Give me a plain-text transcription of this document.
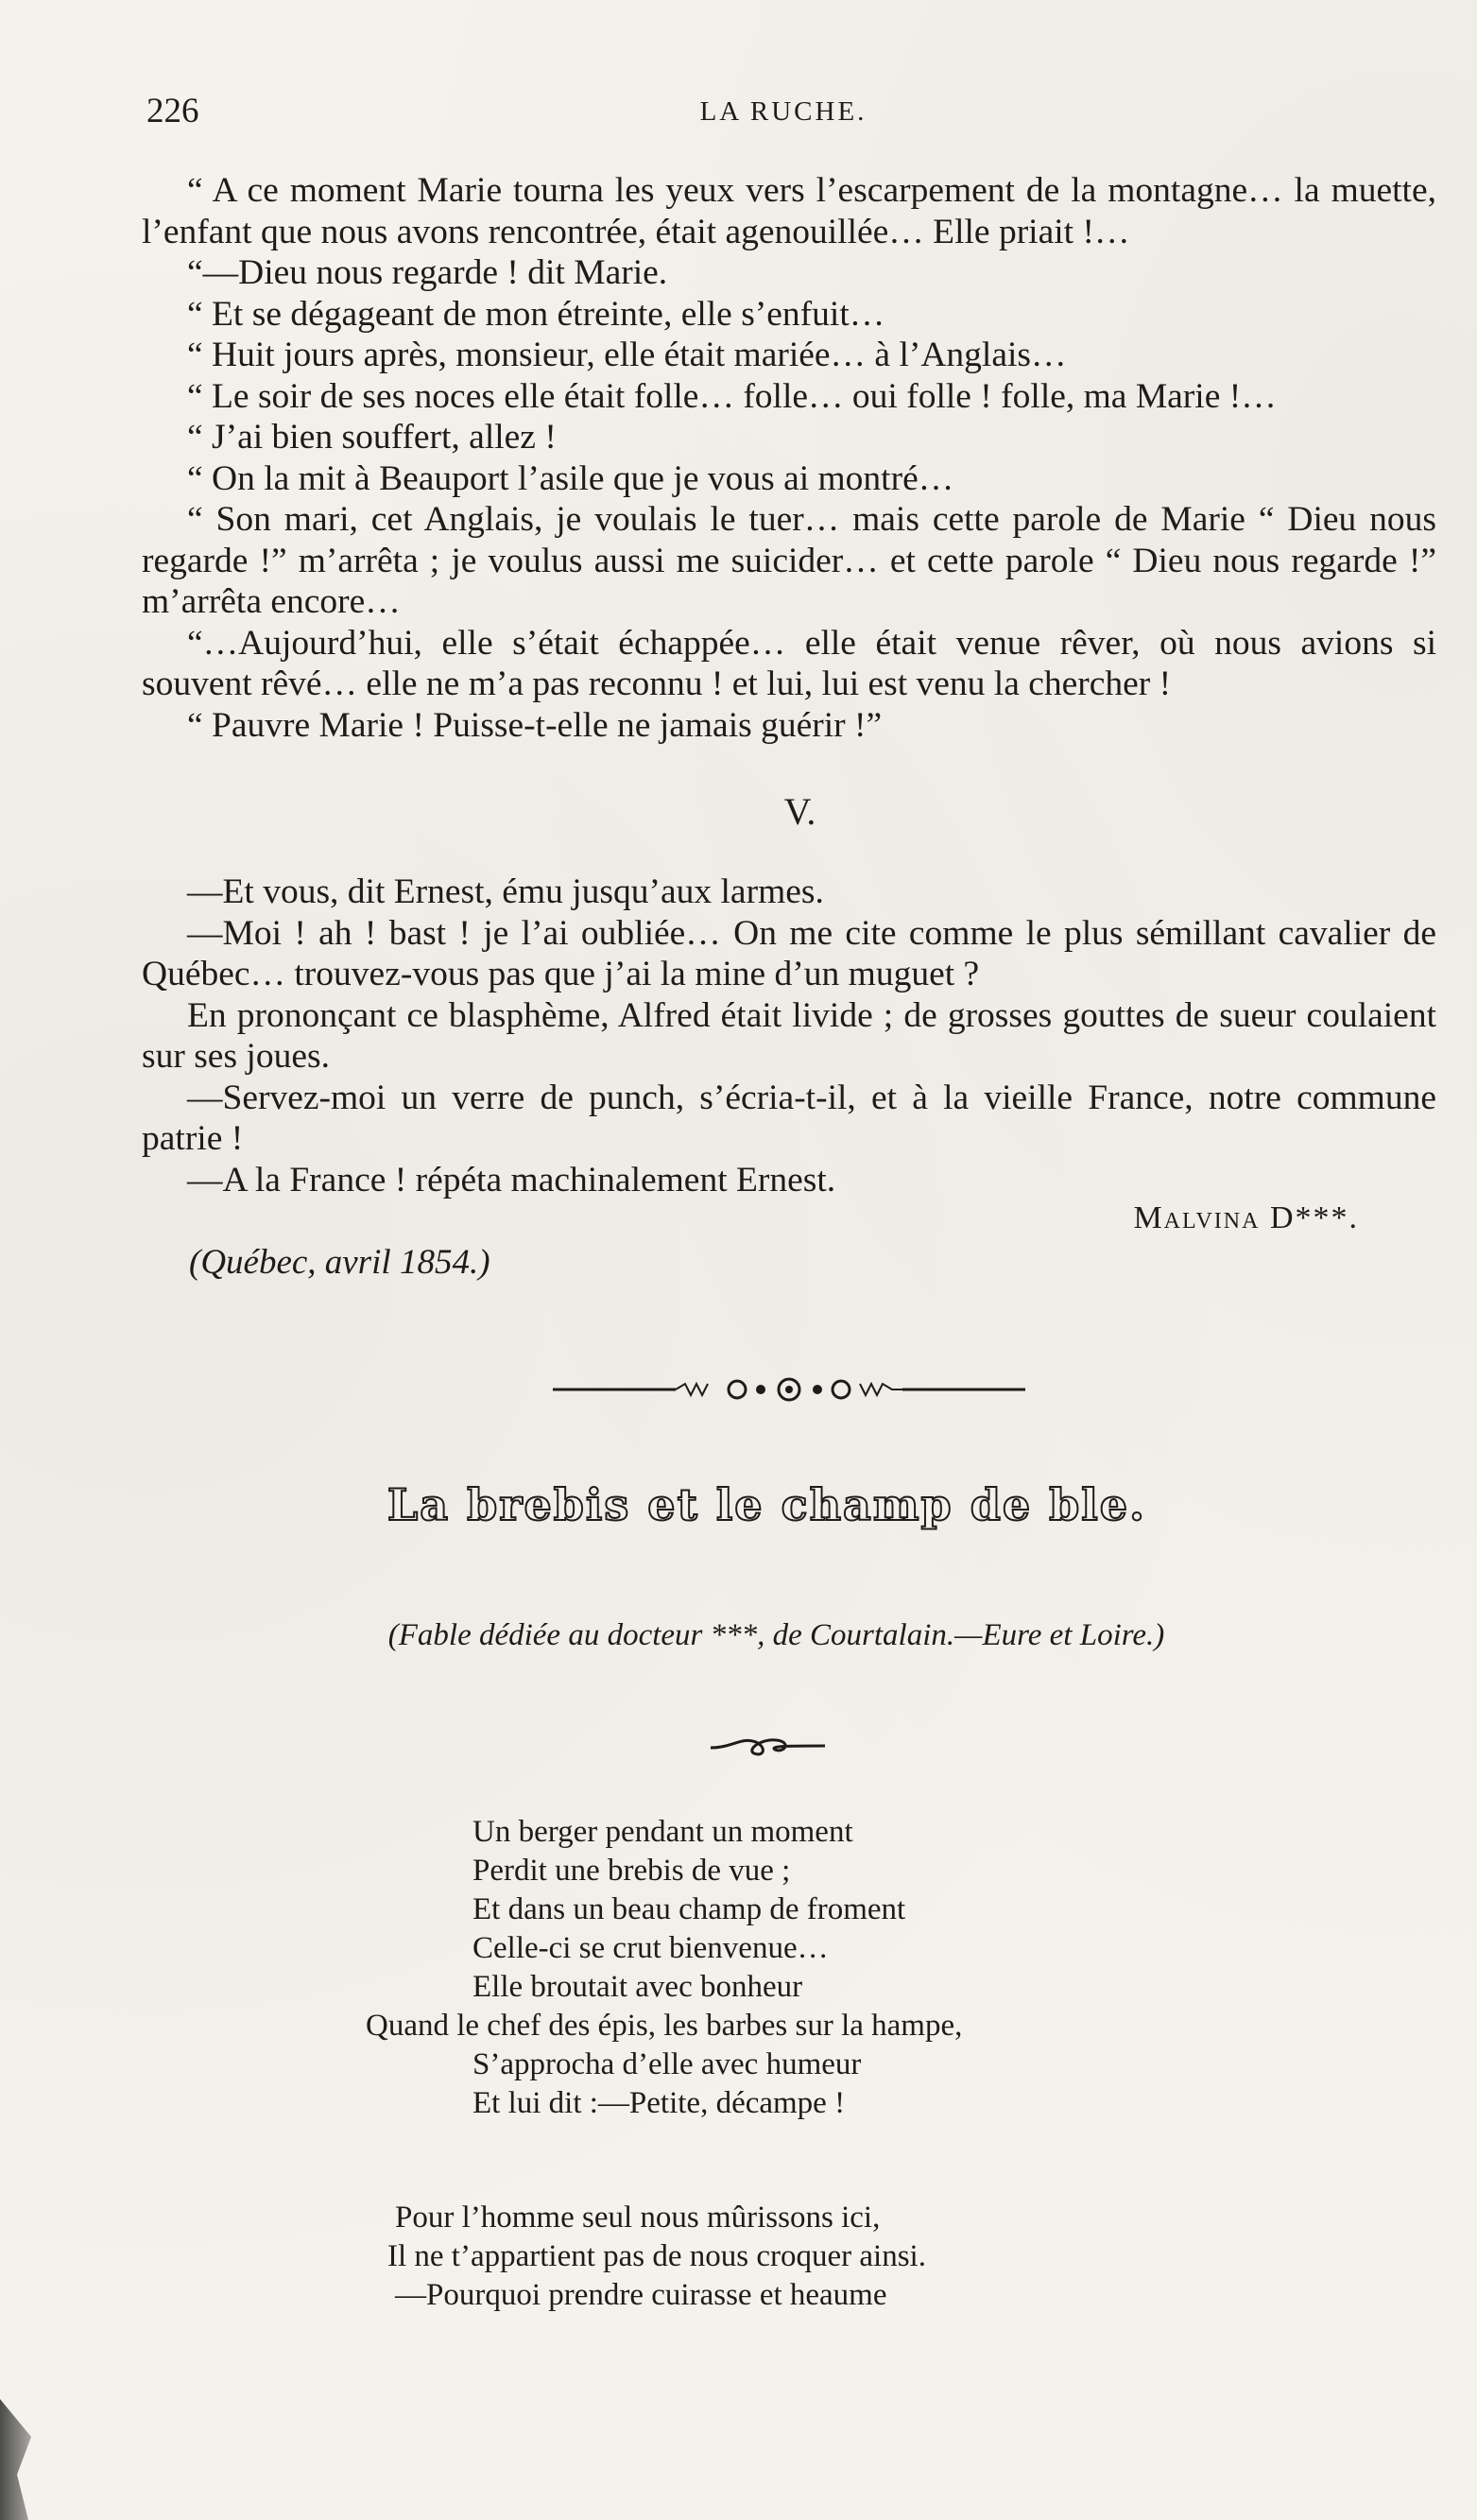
226	LA RUCHE.

“ A ce moment Marie tourna les yeux vers l’escarpement de la montagne… la muette, l’enfant que nous avons rencontrée, était agenouillée… Elle priait !…

“—Dieu nous regarde ! dit Marie.

“ Et se dégageant de mon étreinte, elle s’enfuit…

“ Huit jours après, monsieur, elle était mariée… à l’Anglais…

“ Le soir de ses noces elle était folle… folle… oui folle ! folle, ma Marie !…

“ J’ai bien souffert, allez !

“ On la mit à Beauport l’asile que je vous ai montré…

“ Son mari, cet Anglais, je voulais le tuer… mais cette parole de Marie “ Dieu nous regarde !” m’arrêta ; je voulus aussi me suicider… et cette parole “ Dieu nous regarde !” m’arrêta encore…

“…Aujourd’hui, elle s’était échappée… elle était venue rêver, où nous avions si souvent rêvé… elle ne m’a pas reconnu ! et lui, lui est venu la chercher !

“ Pauvre Marie ! Puisse-t-elle ne jamais guérir !”

V.

—Et vous, dit Ernest, ému jusqu’aux larmes.

—Moi ! ah ! bast ! je l’ai oubliée… On me cite comme le plus sémillant cavalier de Québec… trouvez-vous pas que j’ai la mine d’un muguet ?

En prononçant ce blasphème, Alfred était livide ; de grosses gouttes de sueur coulaient sur ses joues.

—Servez-moi un verre de punch, s’écria-t-il, et à la vieille France, notre commune patrie !

—A la France ! répéta machinalement Ernest.

Malvina D***.
(Québec, avril 1854.)
La brebis et le champ de ble.
(Fable dédiée au docteur ***, de Courtalain.—Eure et Loire.)
Un berger pendant un moment
Perdit une brebis de vue ;
Et dans un beau champ de froment
Celle-ci se crut bienvenue…
Elle broutait avec bonheur
Quand le chef des épis, les barbes sur la hampe,
S’approcha d’elle avec humeur
Et lui dit :—Petite, décampe !
Pour l’homme seul nous mûrissons ici,
Il ne t’appartient pas de nous croquer ainsi.
—Pourquoi prendre cuirasse et heaume
